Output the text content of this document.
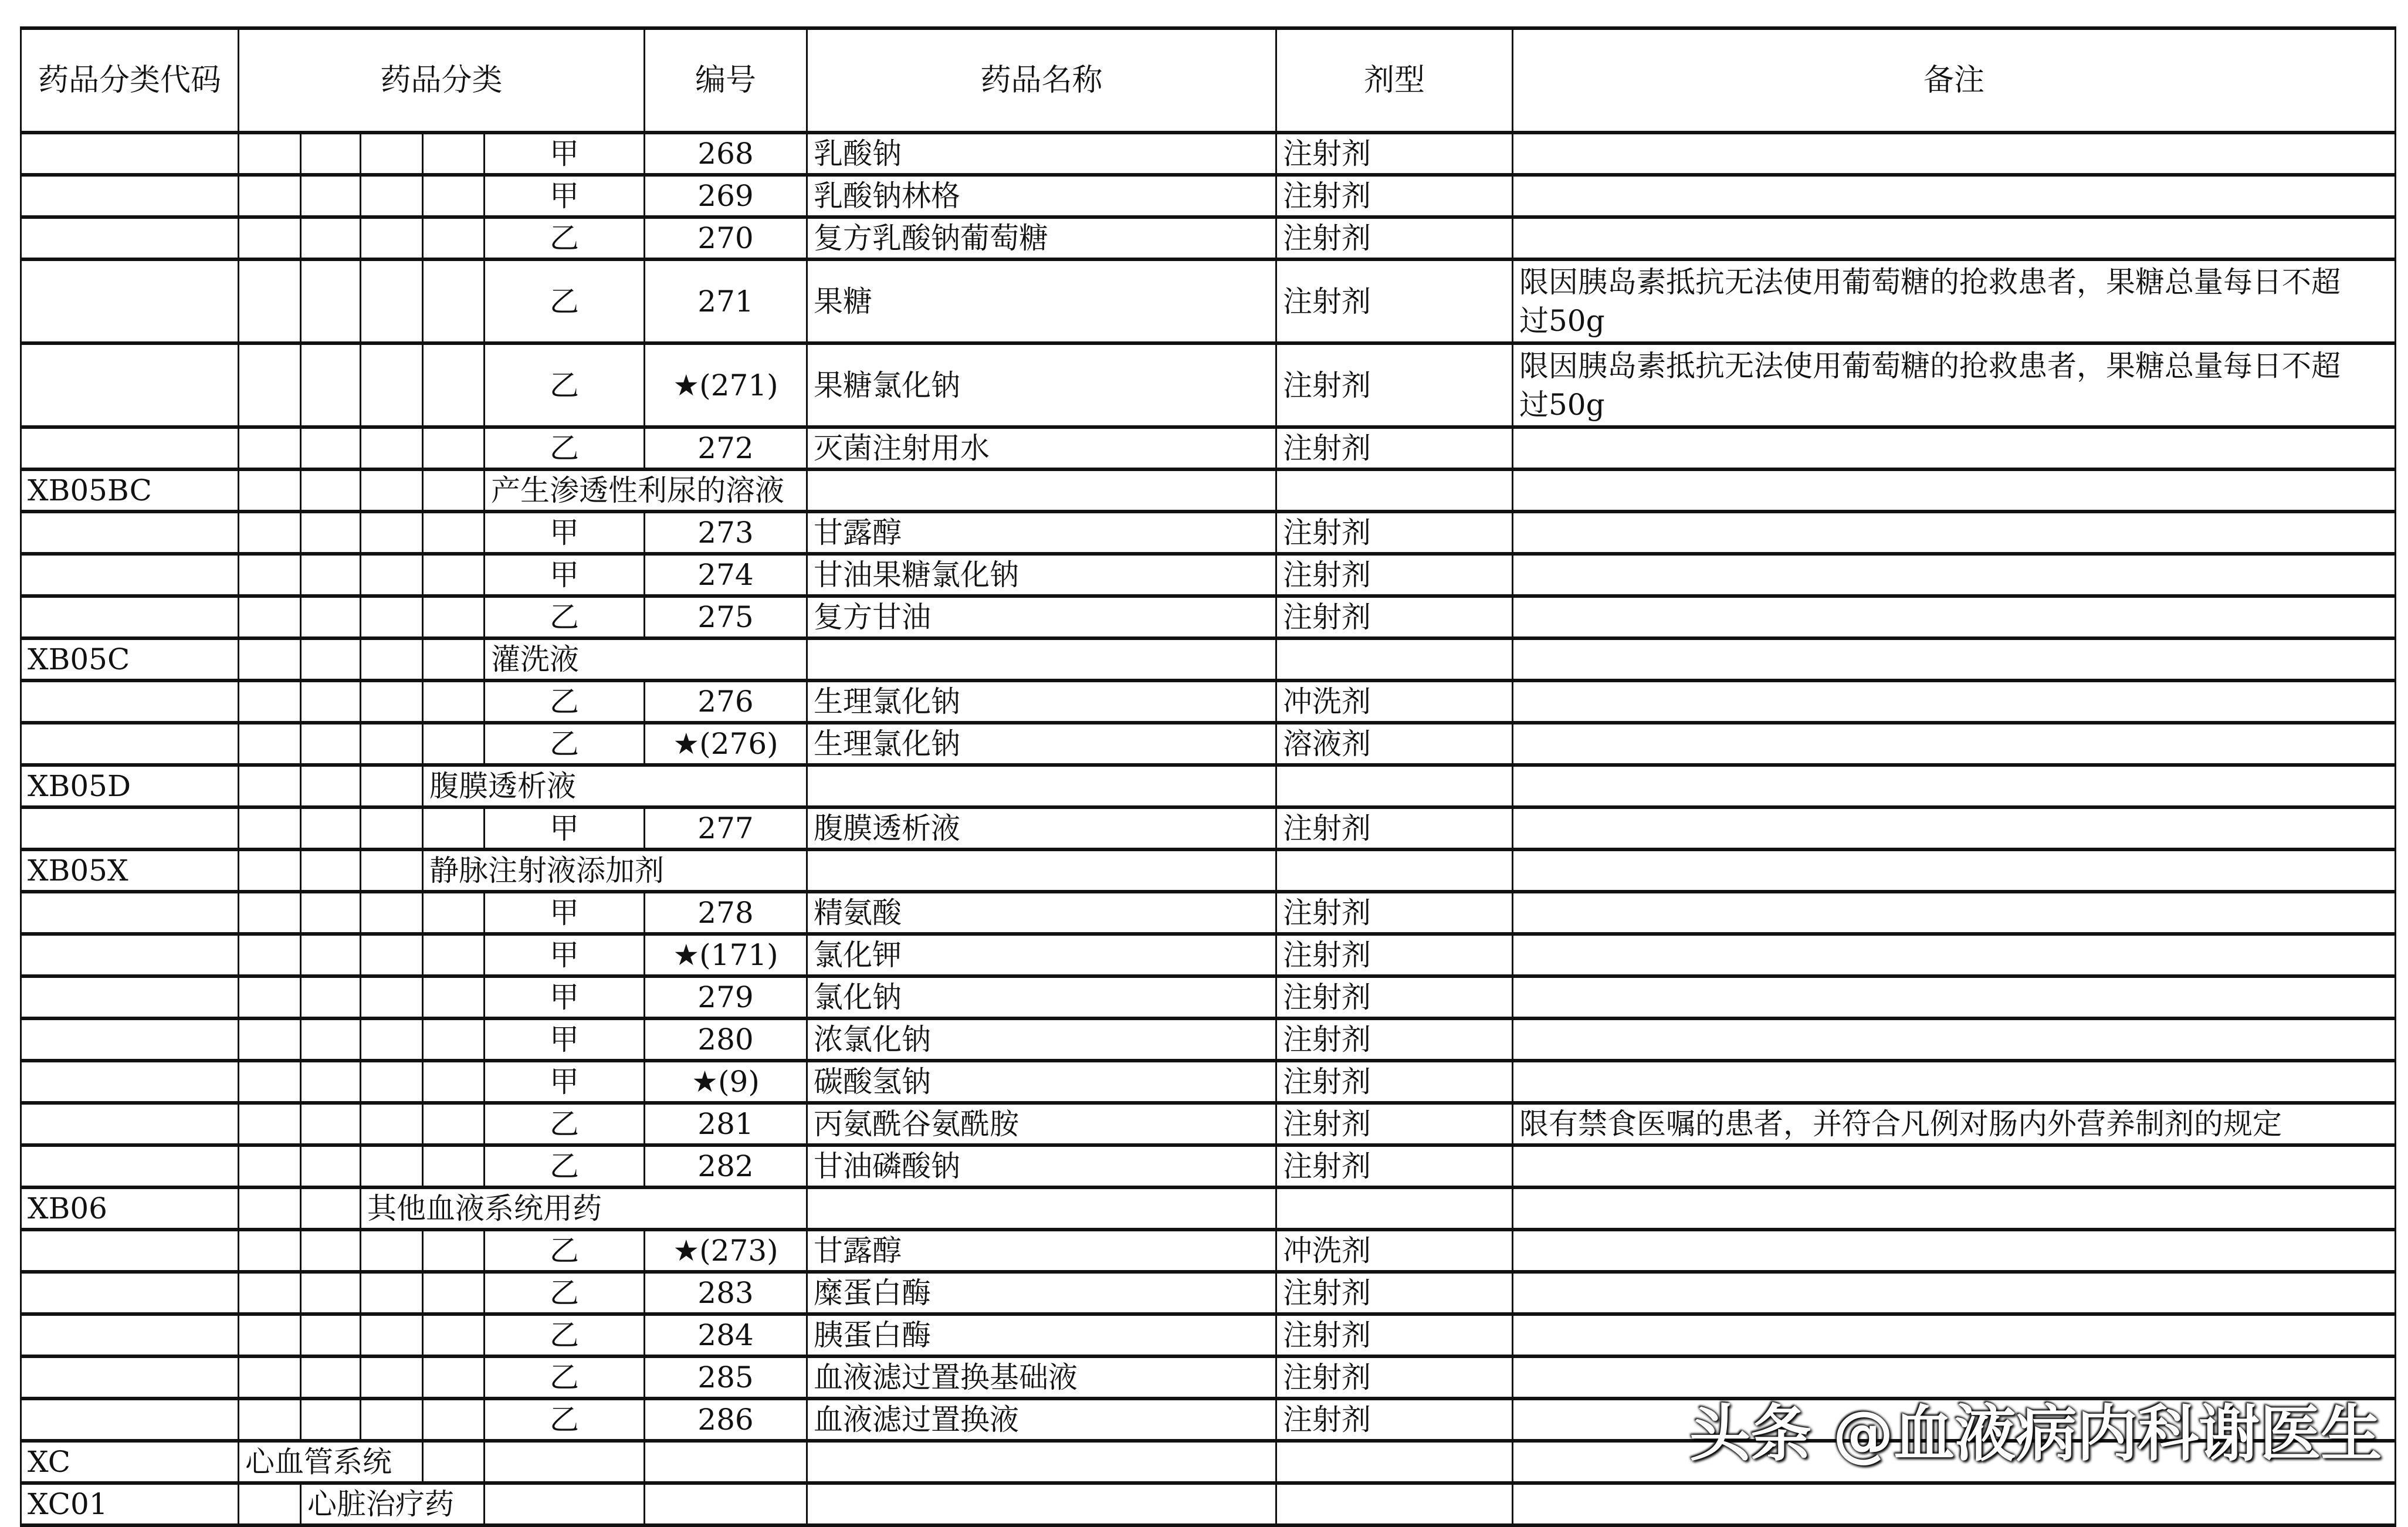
药品分类代码	药品分类					编号	药品名称	剂型	备注
					甲	268	乳酸钠	注射剂	
					甲	269	乳酸钠林格	注射剂	
					乙	270	复方乳酸钠葡萄糖	注射剂	
					乙	271	果糖	注射剂	限因胰岛素抵抗无法使用葡萄糖的抢救患者，果糖总量每日不超过50g

					乙	★(271)	果糖氯化钠	注射剂	限因胰岛素抵抗无法使用葡萄糖的抢救患者，果糖总量每日不超过50g

					乙	272	灭菌注射用水	注射剂	
XB05BC					产生渗透性利尿的溶液				
					甲	273	甘露醇	注射剂	
					甲	274	甘油果糖氯化钠	注射剂	
					乙	275	复方甘油	注射剂	
XB05C					灌洗液				
					乙	276	生理氯化钠	冲洗剂	
					乙	★(276)	生理氯化钠	溶液剂	
XB05D				腹膜透析液					
					甲	277	腹膜透析液	注射剂	
XB05X				静脉注射液添加剂					
					甲	278	精氨酸	注射剂	
					甲	★(171)	氯化钾	注射剂	
					甲	279	氯化钠	注射剂	
					甲	280	浓氯化钠	注射剂	
					甲	★(9)	碳酸氢钠	注射剂	
					乙	281	丙氨酰谷氨酰胺	注射剂	限有禁食医嘱的患者，并符合凡例对肠内外营养制剂的规定

					乙	282	甘油磷酸钠	注射剂	
XB06			其他血液系统用药						
					乙	★(273)	甘露醇	冲洗剂	
					乙	283	糜蛋白酶	注射剂	
					乙	284	胰蛋白酶	注射剂	
					乙	285	血液滤过置换基础液	注射剂	
					乙	286	血液滤过置换液	注射剂	
XC	心血管系统								
XC01		心脏治疗药							
头条 @血液病内科谢医生
